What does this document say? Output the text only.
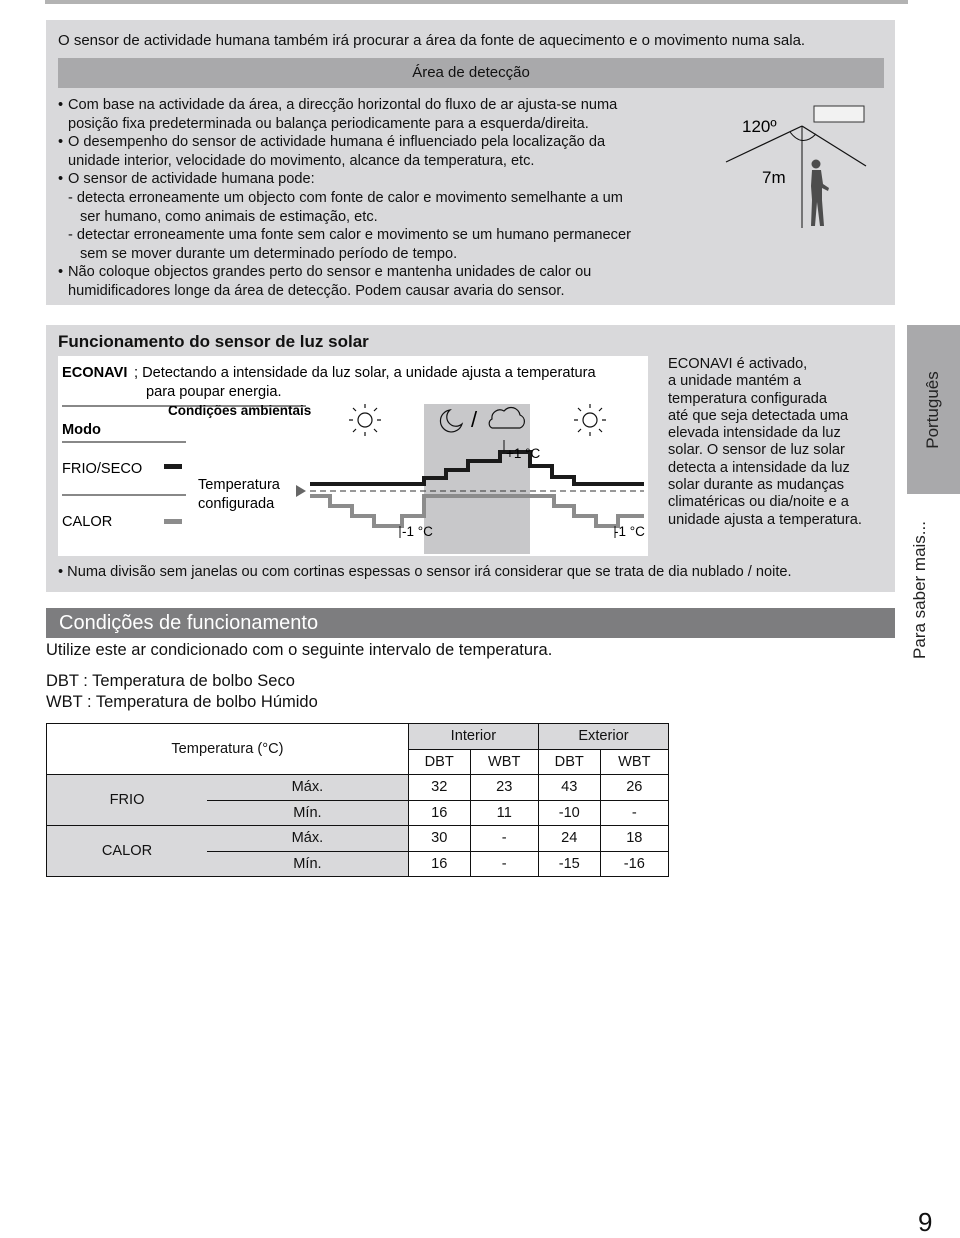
O sensor de actividade humana também irá procurar a área da fonte de aquecimento e o movimento numa sala.
Área de detecção
• Com base na actividade da área, a direcção horizontal do fluxo de ar ajusta-se numa
posição fixa predeterminada ou balança periodicamente para a esquerda/direita.
• O desempenho do sensor de actividade humana é influenciado pela localização da
unidade interior, velocidade do movimento, alcance da temperatura, etc.
• O sensor de actividade humana pode:
- detecta erroneamente um objecto com fonte de calor e movimento semelhante a um
ser humano, como animais de estimação, etc.
- detectar erroneamente uma fonte sem calor e movimento se um humano permanecer
sem se mover durante um determinado período de tempo.
• Não coloque objectos grandes perto do sensor e mantenha unidades de calor ou
humidificadores longe da área de detecção. Podem causar avaria do sensor.
120º
7m
Funcionamento do sensor de luz solar
ECONAVI ; Detectando a intensidade da luz solar, a unidade ajusta a temperatura
para poupar energia.
Condições ambientais
Modo
FRIO/SECO
CALOR
Temperatura
configurada
/
+1 °C
-1 °C	-1 °C
ECONAVI é activado,
a unidade mantém a
temperatura configurada
até que seja detectada uma
elevada intensidade da luz
solar. O sensor de luz solar
detecta a intensidade da luz
solar durante as mudanças
climatéricas ou dia/noite e a
unidade ajusta a temperatura.
• Numa divisão sem janelas ou com cortinas espessas o sensor irá considerar que se trata de dia nublado / noite.
Condições de funcionamento
Utilize este ar condicionado com o seguinte intervalo de temperatura.
DBT : Temperatura de bolbo Seco
WBT : Temperatura de bolbo Húmido
Temperatura (°C)		Interior		Exterior	
		DBT	WBT	DBT	WBT
FRIO	Máx.	32	23	43	26
	Mín.	16	11	-10	-
CALOR	Máx.	30	-	24	18
	Mín.	16	-	-15	-16
Português
Para saber mais...
9
